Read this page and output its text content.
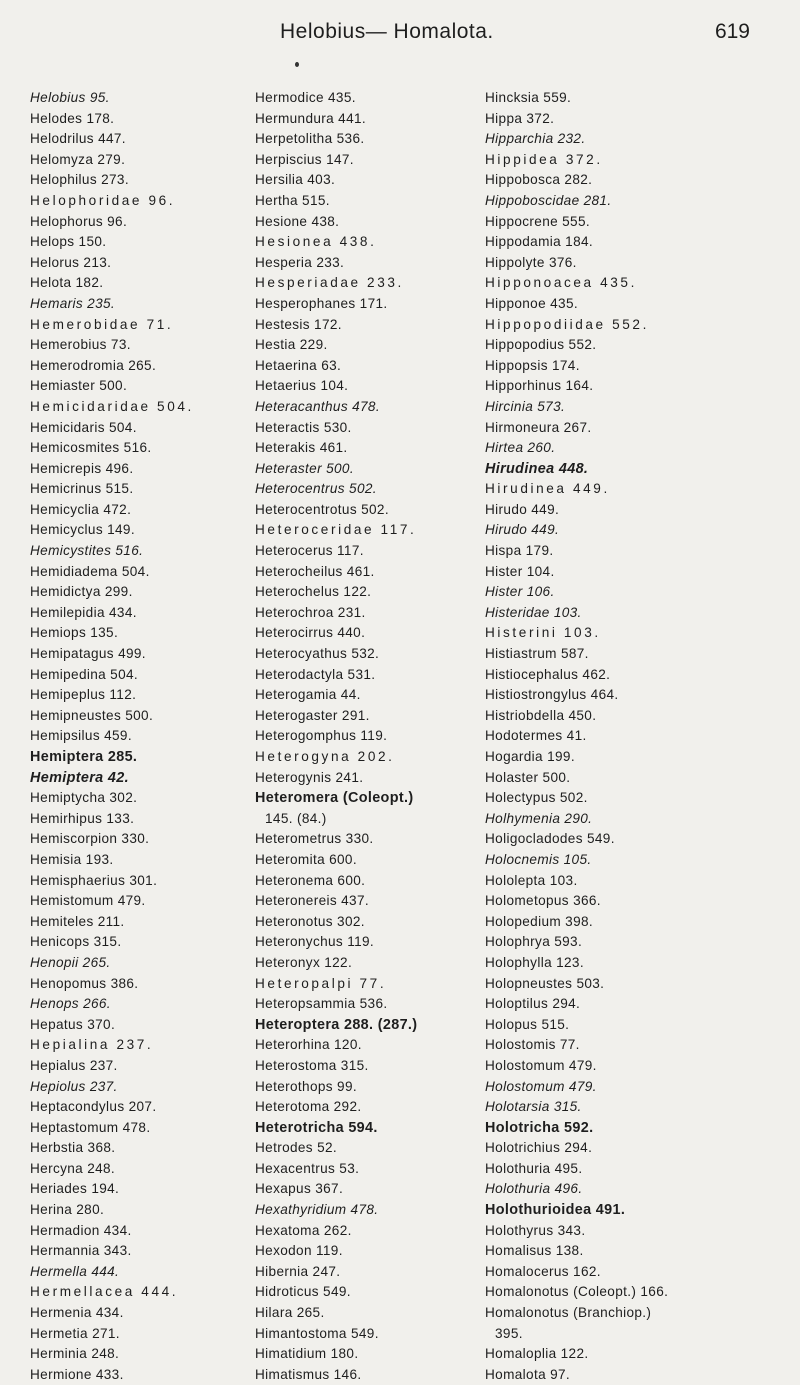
Helobius— Homalota.	619
Helobius 95.
Helodes 178.
Helodrilus 447.
Helomyza 279.
Helophilus 273.
Helophoridae 96.
Helophorus 96.
Helops 150.
Helorus 213.
Helota 182.
Hemaris 235.
Hemerobidae 71.
Hemerobius 73.
Hemerodromia 265.
Hemiaster 500.
Hemicidaridae 504.
Hemicidaris 504.
Hemicosmites 516.
Hemicrepis 496.
Hemicrinus 515.
Hemicyclia 472.
Hemicyclus 149.
Hemicystites 516.
Hemidiadema 504.
Hemidictya 299.
Hemilepidia 434.
Hemiops 135.
Hemipatagus 499.
Hemipedina 504.
Hemipeplus 112.
Hemipneustes 500.
Hemipsilus 459.
Hemiptera 285.
Hemiptera 42.
Hemiptycha 302.
Hemirhipus 133.
Hemiscorpion 330.
Hemisia 193.
Hemisphaerius 301.
Hemistomum 479.
Hemiteles 211.
Henicops 315.
Henopii 265.
Henopomus 386.
Henops 266.
Hepatus 370.
Hepialina 237.
Hepialus 237.
Hepiolus 237.
Heptacondylus 207.
Heptastomum 478.
Herbstia 368.
Hercyna 248.
Heriades 194.
Herina 280.
Hermadion 434.
Hermannia 343.
Hermella 444.
Hermellacea 444.
Hermenia 434.
Hermetia 271.
Herminia 248.
Hermione 433.
Hermodice 435.
Hermundura 441.
Herpetolitha 536.
Herpiscius 147.
Hersilia 403.
Hertha 515.
Hesione 438.
Hesionea 438.
Hesperia 233.
Hesperiadae 233.
Hesperophanes 171.
Hestesis 172.
Hestia 229.
Hetaerina 63.
Hetaerius 104.
Heteracanthus 478.
Heteractis 530.
Heterakis 461.
Heteraster 500.
Heterocentrus 502.
Heterocentrotus 502.
Heteroceridae 117.
Heterocerus 117.
Heterocheilus 461.
Heterochelus 122.
Heterochroa 231.
Heterocirrus 440.
Heterocyathus 532.
Heterodactyla 531.
Heterogamia 44.
Heterogaster 291.
Heterogomphus 119.
Heterogyna 202.
Heterogynis 241.
Heteromera (Coleopt.)
145. (84.)
Heterometrus 330.
Heteromita 600.
Heteronema 600.
Heteronereis 437.
Heteronotus 302.
Heteronychus 119.
Heteronyx 122.
Heteropalpi 77.
Heteropsammia 536.
Heteroptera 288. (287.)
Heterorhina 120.
Heterostoma 315.
Heterothops 99.
Heterotoma 292.
Heterotricha 594.
Hetrodes 52.
Hexacentrus 53.
Hexapus 367.
Hexathyridium 478.
Hexatoma 262.
Hexodon 119.
Hibernia 247.
Hidroticus 549.
Hilara 265.
Himantostoma 549.
Himatidium 180.
Himatismus 146.
Hincksia 559.
Hippa 372.
Hipparchia 232.
Hippidea 372.
Hippobosca 282.
Hippoboscidae 281.
Hippocrene 555.
Hippodamia 184.
Hippolyte 376.
Hipponoacea 435.
Hipponoe 435.
Hippopodiidae 552.
Hippopodius 552.
Hippopsis 174.
Hipporhinus 164.
Hircinia 573.
Hirmoneura 267.
Hirtea 260.
Hirudinea 448.
Hirudinea 449.
Hirudo 449.
Hirudo 449.
Hispa 179.
Hister 104.
Hister 106.
Histeridae 103.
Histerini 103.
Histiastrum 587.
Histiocephalus 462.
Histiostrongylus 464.
Histriobdella 450.
Hodotermes 41.
Hogardia 199.
Holaster 500.
Holectypus 502.
Holhymenia 290.
Holigocladodes 549.
Holocnemis 105.
Hololepta 103.
Holometopus 366.
Holopedium 398.
Holophrya 593.
Holophylla 123.
Holopneustes 503.
Holoptilus 294.
Holopus 515.
Holostomis 77.
Holostomum 479.
Holostomum 479.
Holotarsia 315.
Holotricha 592.
Holotrichius 294.
Holothuria 495.
Holothuria 496.
Holothurioidea 491.
Holothyrus 343.
Homalisus 138.
Homalocerus 162.
Homalonotus (Coleopt.) 166.
Homalonotus (Branchiop.)
395.
Homaloplia 122.
Homalota 97.
